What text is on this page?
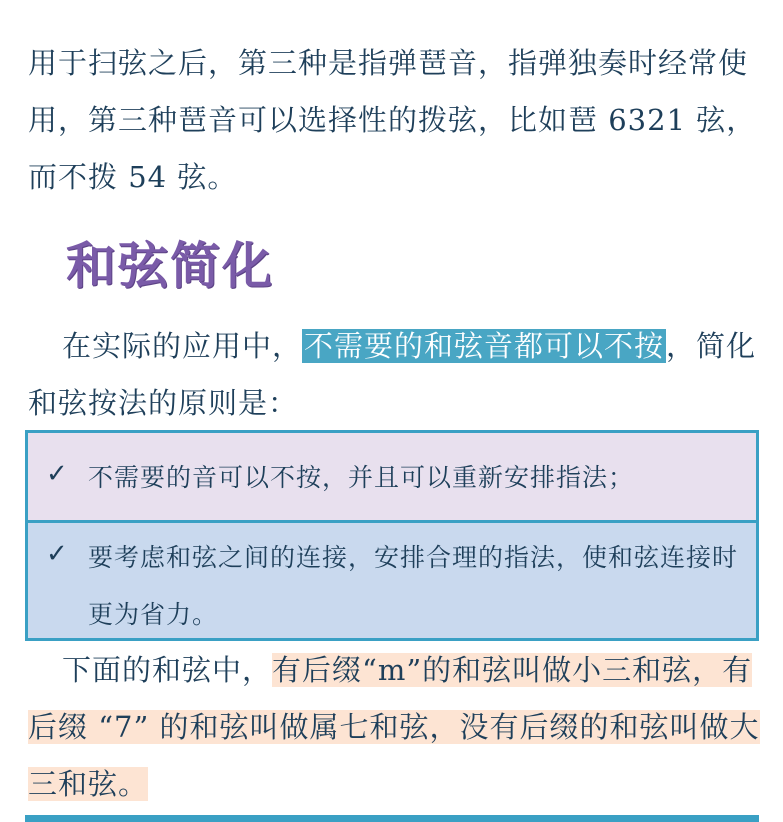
用于扫弦之后，第三种是指弹琶音，指弹独奏时经常使用，第三种琶音可以选择性的拨弦，比如琶 6321 弦，而不拨 54 弦。
和弦简化
在实际的应用中，不需要的和弦音都可以不按，简化和弦按法的原则是：
✓ 不需要的音可以不按，并且可以重新安排指法；
✓ 要考虑和弦之间的连接，安排合理的指法，使和弦连接时更为省力。
下面的和弦中，有后缀“m”的和弦叫做小三和弦，有后缀 “7” 的和弦叫做属七和弦，没有后缀的和弦叫做大三和弦。
